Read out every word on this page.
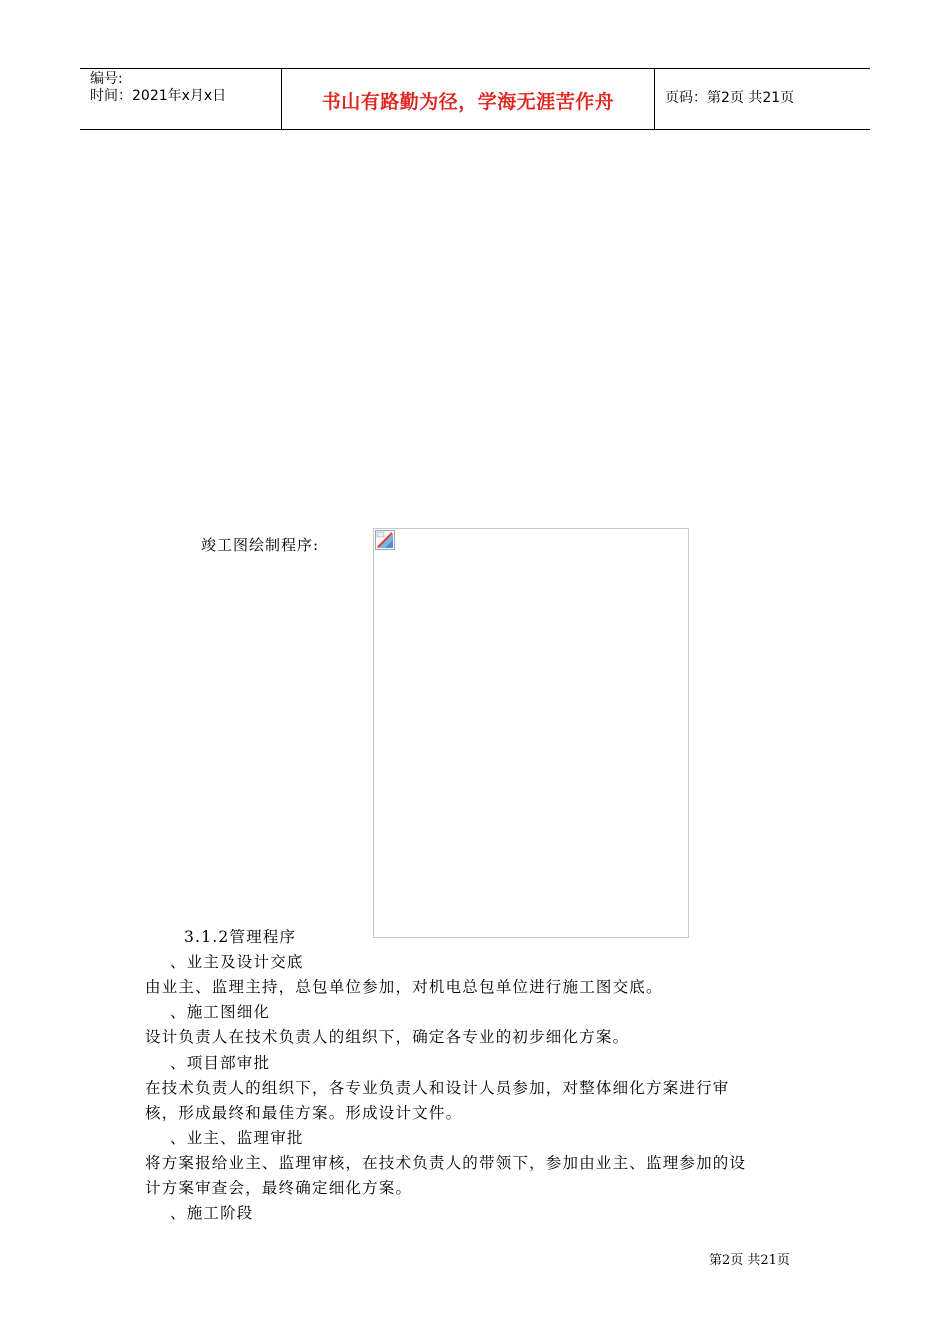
编号:
时间：2021年x月x日	书山有路勤为径，学海无涯苦作舟	页码：第2页 共21页
竣工图绘制程序:
3.1.2管理程序
、业主及设计交底
由业主、监理主持，总包单位参加，对机电总包单位进行施工图交底。
、施工图细化
设计负责人在技术负责人的组织下，确定各专业的初步细化方案。
、项目部审批
在技术负责人的组织下，各专业负责人和设计人员参加，对整体细化方案进行审
核，形成最终和最佳方案。形成设计文件。
、业主、监理审批
将方案报给业主、监理审核，在技术负责人的带领下，参加由业主、监理参加的设
计方案审查会，最终确定细化方案。
、施工阶段
第2页 共21页
